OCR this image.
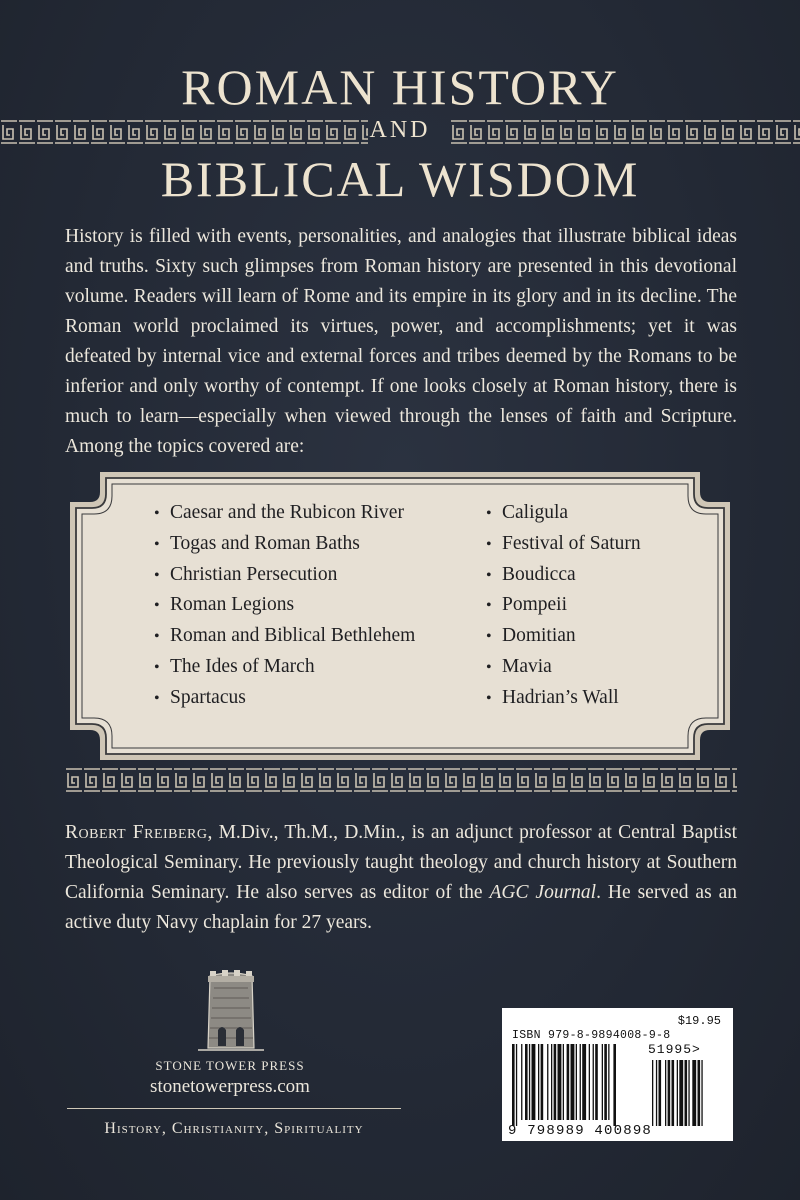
ROMAN HISTORY
AND
BIBLICAL WISDOM
History is filled with events, personalities, and analogies that illustrate biblical ideas and truths. Sixty such glimpses from Roman history are presented in this devotional volume. Readers will learn of Rome and its empire in its glory and in its decline. The Roman world proclaimed its virtues, power, and accomplishments; yet it was defeated by internal vice and external forces and tribes deemed by the Romans to be inferior and only worthy of contempt. If one looks closely at Roman history, there is much to learn—especially when viewed through the lenses of faith and Scripture. Among the topics covered are:
• Caesar and the Rubicon River
• Togas and Roman Baths
• Christian Persecution
• Roman Legions
• Roman and Biblical Bethlehem
• The Ides of March
• Spartacus
• Caligula
• Festival of Saturn
• Boudicca
• Pompeii
• Domitian
• Mavia
• Hadrian’s Wall
Robert Freiberg, M.Div., Th.M., D.Min., is an adjunct professor at Central Baptist Theological Seminary. He previously taught theology and church history at Southern California Seminary. He also serves as editor of the AGC Journal. He served as an active duty Navy chaplain for 27 years.
STONE TOWER PRESS
stonetowerpress.com
History, Christianity, Spirituality
$19.95
ISBN 979-8-9894008-9-8
51995>
9 798989 400898
